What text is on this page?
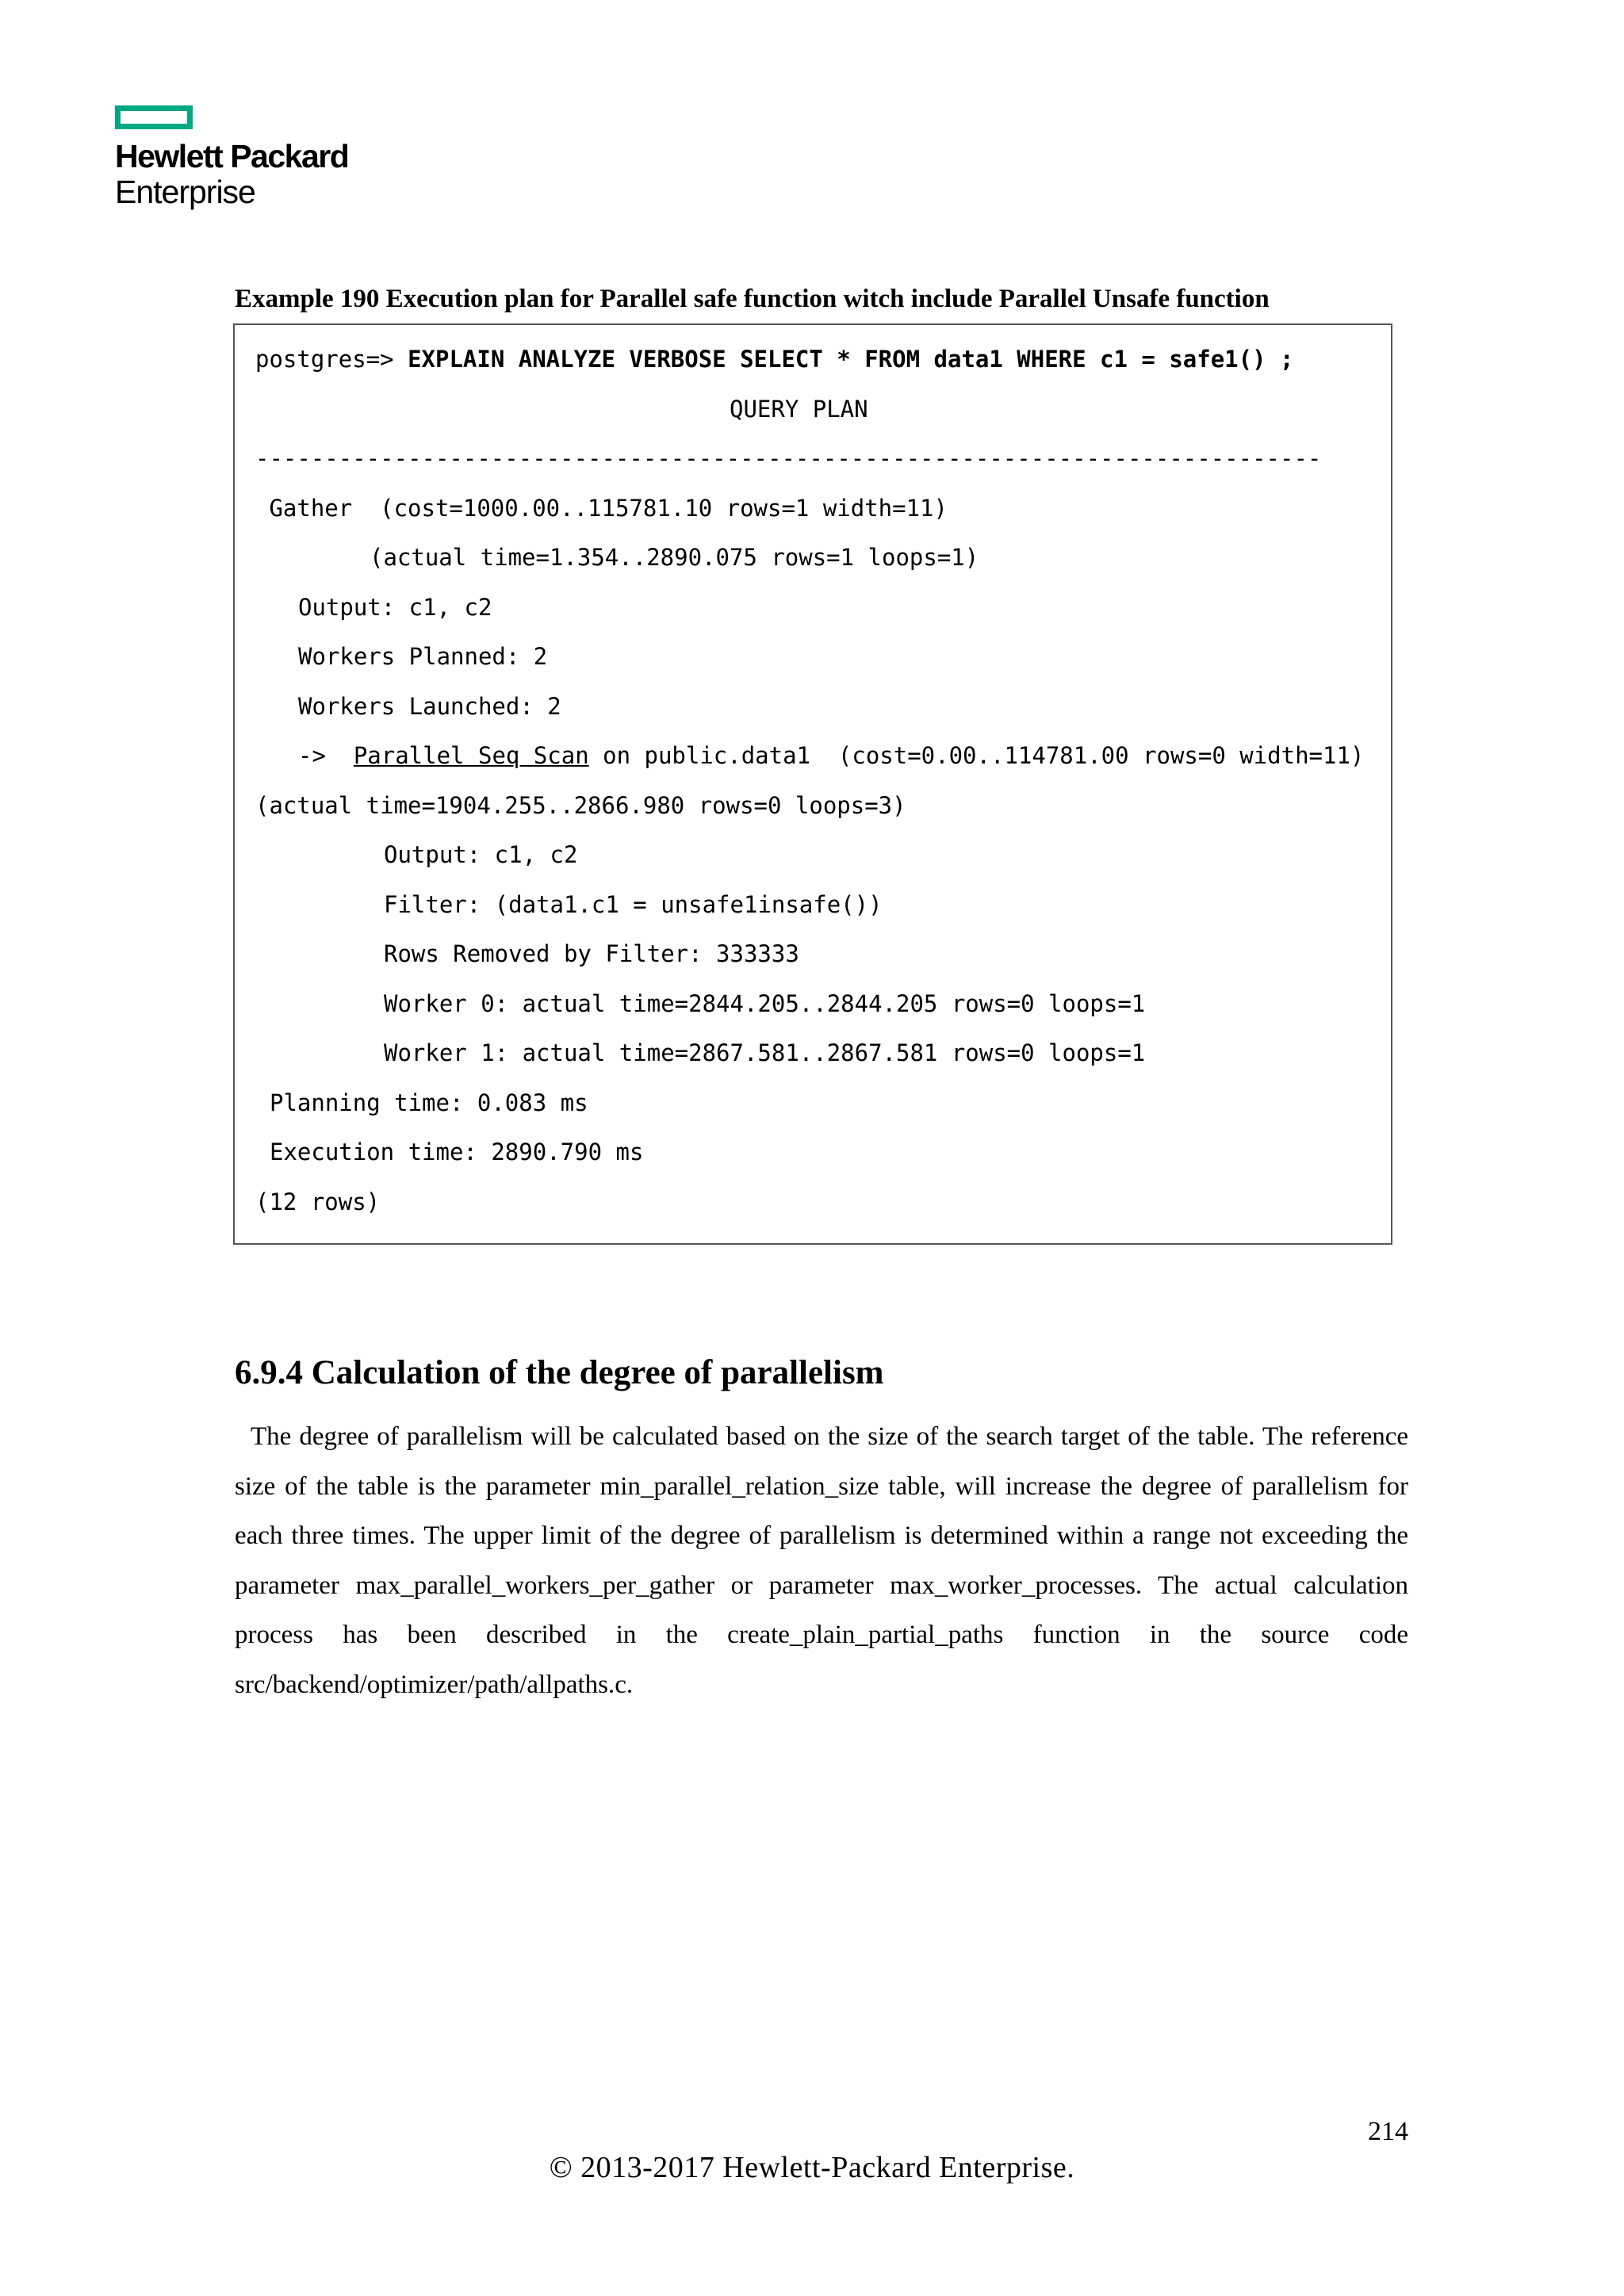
Hewlett Packard
Enterprise
Example 190 Execution plan for Parallel safe function witch include Parallel Unsafe function
postgres=> EXPLAIN ANALYZE VERBOSE SELECT * FROM data1 WHERE c1 = safe1() ;
QUERY PLAN
-----------------------------------------------------------------------------
Gather  (cost=1000.00..115781.10 rows=1 width=11)
(actual time=1.354..2890.075 rows=1 loops=1)
Output: c1, c2
Workers Planned: 2
Workers Launched: 2
->  Parallel Seq Scan on public.data1  (cost=0.00..114781.00 rows=0 width=11)
(actual time=1904.255..2866.980 rows=0 loops=3)
Output: c1, c2
Filter: (data1.c1 = unsafe1insafe())
Rows Removed by Filter: 333333
Worker 0: actual time=2844.205..2844.205 rows=0 loops=1
Worker 1: actual time=2867.581..2867.581 rows=0 loops=1
Planning time: 0.083 ms
Execution time: 2890.790 ms
(12 rows)
6.9.4 Calculation of the degree of parallelism
The degree of parallelism will be calculated based on the size of the search target of the table. The reference size of the table is the parameter min_parallel_relation_size table, will increase the degree of parallelism for each three times. The upper limit of the degree of parallelism is determined within a range not exceeding the parameter max_parallel_workers_per_gather or parameter max_worker_processes. The actual calculation process has been described in the create_plain_partial_paths function in the source code src/backend/optimizer/path/allpaths.c.
214
© 2013-2017 Hewlett-Packard Enterprise.
